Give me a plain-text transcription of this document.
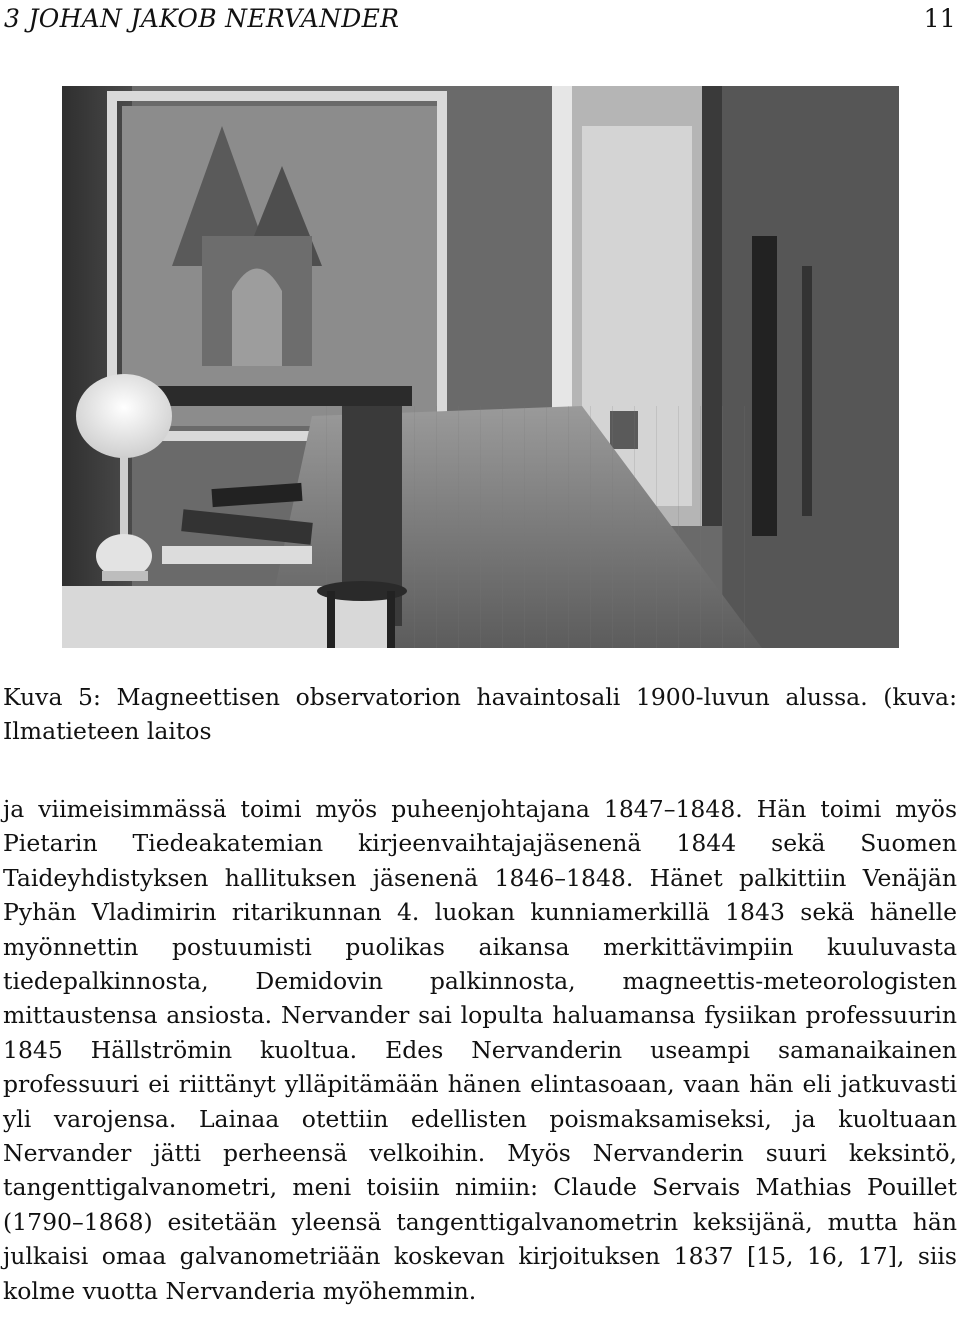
3 JOHAN JAKOB NERVANDER	11
Kuva 5: Magneettisen observatorion havaintosali 1900-luvun alussa. (kuva: Ilmatieteen laitos
ja viimeisimmässä toimi myös puheenjohtajana 1847–1848. Hän toimi myös Pietarin Tiedeakatemian kirjeenvaihtajajäsenenä 1844 sekä Suomen Taideyhdistyksen hallituksen jäsenenä 1846–1848. Hänet palkittiin Venäjän Pyhän Vladimirin ritarikunnan 4. luokan kunniamerkillä 1843 sekä hänelle myönnettin postuumisti puolikas aikansa merkittävimpiin kuuluvasta tiedepalkinnosta, Demidovin palkinnosta, magneettis-meteorologisten mittaustensa ansiosta. Nervander sai lopulta haluamansa fysiikan professuurin 1845 Hällströmin kuoltua. Edes Nervanderin useampi samanaikainen professuuri ei riittänyt ylläpitämään hänen elintasoaan, vaan hän eli jatkuvasti yli varojensa. Lainaa otettiin edellisten poismaksamiseksi, ja kuoltuaan Nervander jätti perheensä velkoihin. Myös Nervanderin suuri keksintö, tangenttigalvanometri, meni toisiin nimiin: Claude Servais Mathias Pouillet (1790–1868) esitetään yleensä tangenttigalvanometrin keksijänä, mutta hän julkaisi omaa galvanometriään koskevan kirjoituksen 1837 [15, 16, 17], siis kolme vuotta Nervanderia myöhemmin.
